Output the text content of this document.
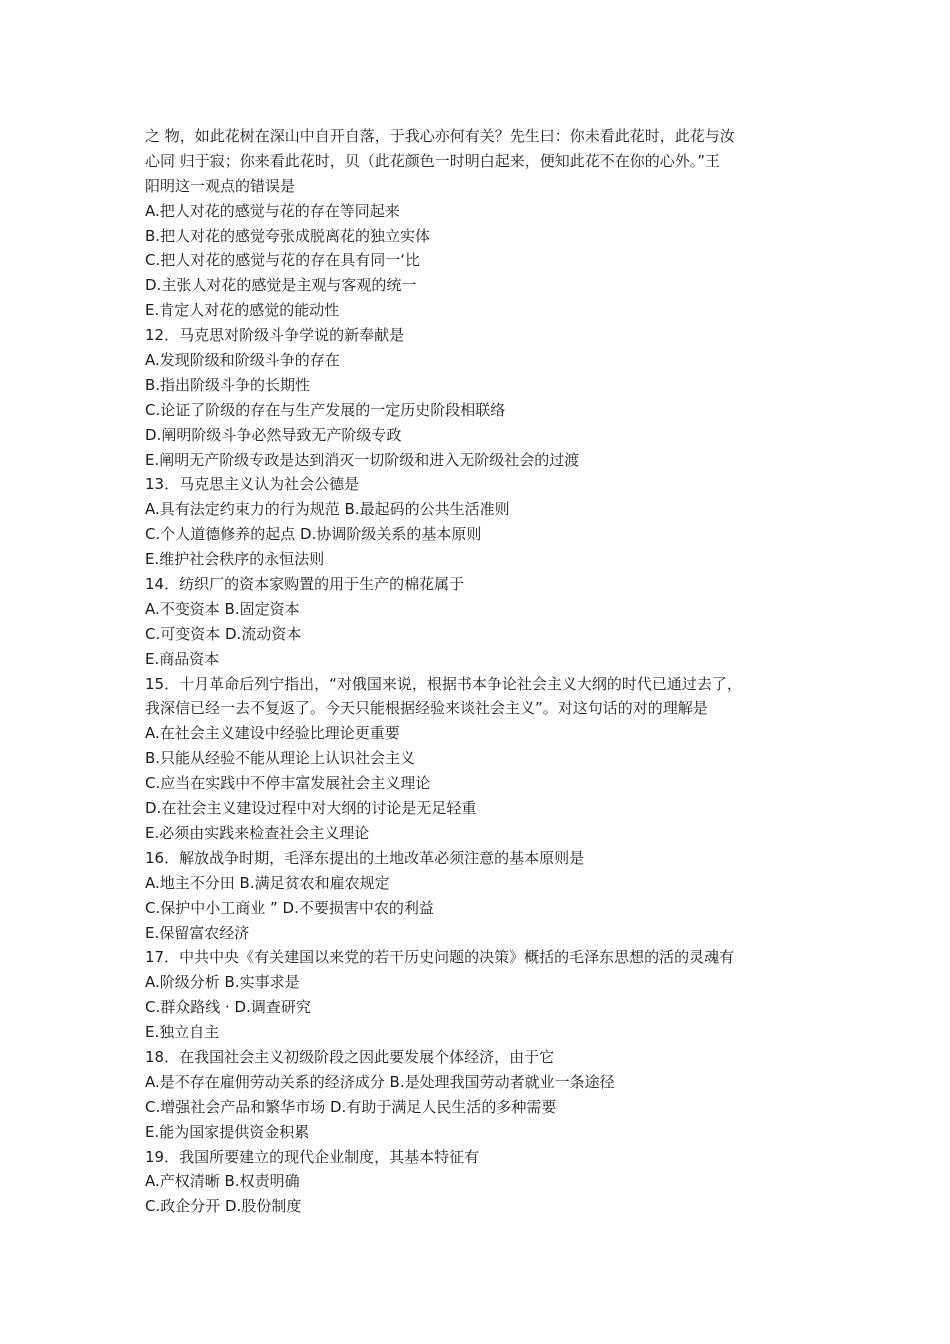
之 物，如此花树在深山中自开自落，于我心亦何有关？先生曰：你未看此花时，此花与汝
心同 归于寂；你来看此花时，贝（此花颜色一时明白起来，便知此花不在你的心外。”王
阳明这一观点的错误是
A.把人对花的感觉与花的存在等同起来
B.把人对花的感觉夸张成脱离花的独立实体
C.把人对花的感觉与花的存在具有同一‘比
D.主张人对花的感觉是主观与客观的统一
E.肯定人对花的感觉的能动性
12．马克思对阶级斗争学说的新奉献是
A.发现阶级和阶级斗争的存在
B.指出阶级斗争的长期性
C.论证了阶级的存在与生产发展的一定历史阶段相联络
D.阐明阶级斗争必然导致无产阶级专政
E.阐明无产阶级专政是达到消灭一切阶级和进入无阶级社会的过渡
13．马克思主义认为社会公德是
A.具有法定约束力的行为规范 B.最起码的公共生活准则
C.个人道德修养的起点 D.协调阶级关系的基本原则
E.维护社会秩序的永恒法则
14．纺织厂的资本家购置的用于生产的棉花属于
A.不变资本 B.固定资本
C.可变资本 D.流动资本
E.商品资本
15．十月革命后列宁指出，“对俄国来说，根据书本争论社会主义大纲的时代已通过去了，
我深信已经一去不复返了。今天只能根据经验来谈社会主义”。对这句话的对的理解是
A.在社会主义建设中经验比理论更重要
B.只能从经验不能从理论上认识社会主义
C.应当在实践中不停丰富发展社会主义理论
D.在社会主义建设过程中对大纲的讨论是无足轻重
E.必须由实践来检查社会主义理论
16．解放战争时期，毛泽东提出的土地改革必须注意的基本原则是
A.地主不分田 B.满足贫农和雇农规定
C.保护中小工商业 ” D.不要损害中农的利益
E.保留富农经济
17．中共中央《有关建国以来党的若干历史问题的决策》概括的毛泽东思想的活的灵魂有
A.阶级分析 B.实事求是
C.群众路线 · D.调查研究
E.独立自主
18．在我国社会主义初级阶段之因此要发展个体经济，由于它
A.是不存在雇佣劳动关系的经济成分 B.是处理我国劳动者就业一条途径
C.增强社会产品和繁华市场 D.有助于满足人民生活的多种需要
E.能为国家提供资金积累
19．我国所要建立的现代企业制度，其基本特征有
A.产权清晰 B.权责明确
C.政企分开 D.股份制度
